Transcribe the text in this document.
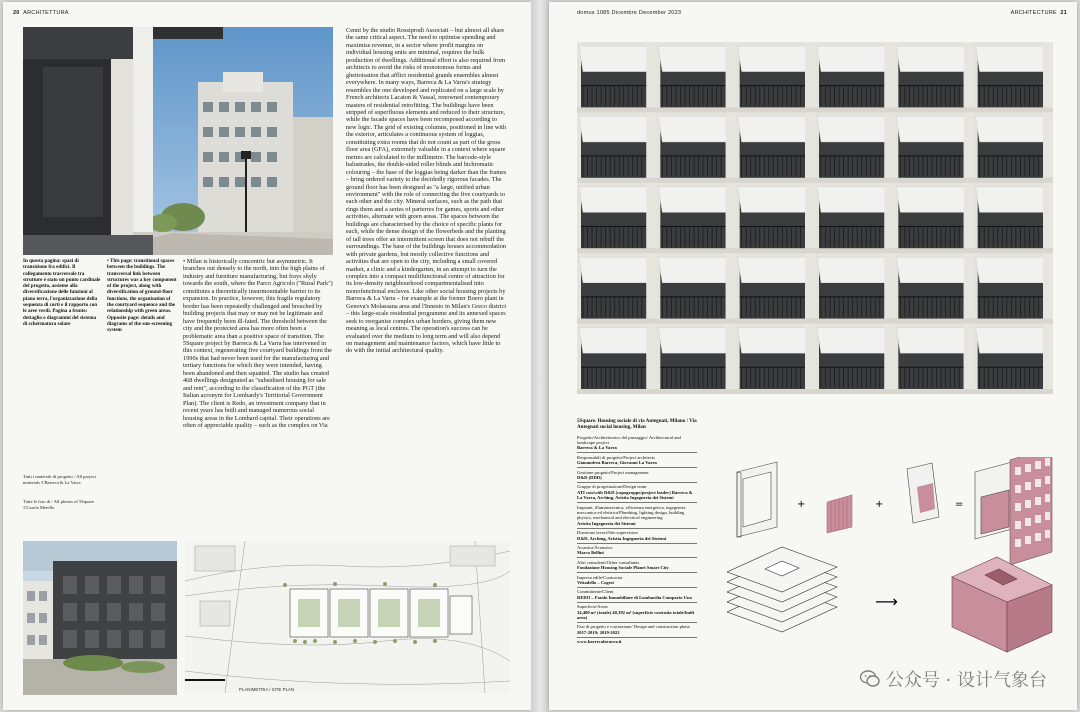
20 ARCHITETTURA
In questa pagina: spazi di transizione fra edifici. Il collegamento trasversale tra strutture è stato un punto cardinale del progetto, assieme alla diversificazione delle funzioni al piano terra, l'organizzazione della sequenza di corti e il rapporto con le aree verdi. Pagina a fronte: dettaglio e diagrammi del sistema di schermatura solare
• This page: transitional spaces between the buildings. The transversal link between structures was a key component of the project, along with diversification of ground-floor functions, the organisation of the courtyard sequence and the relationship with green areas. Opposite page: details and diagrams of the sun-screening system

• Milan is historically concentric but asymmetric. It branches out densely to the north, into the high plains of industry and furniture manufacturing, but frays shyly towards the south, where the Parco Agricolo ("Rural Park") constitutes a theoretically insurmountable barrier to its expansion. In practice, however, this fragile regulatory border has been repeatedly challenged and breached by building projects that may or may not be legitimate and have frequently been ill-fated. The threshold between the city and the protected area has more often been a problematic area than a positive space of transition. The 5Square project by Barreca & La Varra has intervened in this context, regenerating five courtyard buildings from the 1990s that had never been used for the manufacturing and tertiary functions for which they were intended, having been abandoned and then squatted. The studio has created 468 dwellings designated as "subsidised housing for sale and rent", according to the classification of the PGT (the Italian acronym for Lombardy's Territorial Government Plan). The client is Redo, an investment company that in recent years has built and managed numerous social housing areas in the Lombard capital. Their operations are often of appreciable quality – such as the complex on Via

Cenni by the studio Rossiprodi Associati – but almost all share the same critical aspect. The need to optimise spending and maximise revenue, in a sector where profit margins on individual housing units are minimal, requires the bulk production of dwellings. Additional effort is also required from architects to avoid the risks of monotonous forms and ghettoisation that afflict residential grands ensembles almost everywhere. In many ways, Barreca & La Varra's strategy resembles the one developed and replicated on a large scale by French architects Lacaton & Vassal, renowned contemporary masters of residential retrofitting. The buildings have been stripped of superfluous elements and reduced to their structure, while the facade spaces have been recomposed according to new logic. The grid of existing columns, positioned in line with the exterior, articulates a continuous system of loggias, constituting extra rooms that do not count as part of the gross floor area (GFA), extremely valuable in a context where square metres are calculated to the millimetre. The barcode-style balustrades, the double-sided roller blinds and bichromatic colouring – the base of the loggias being darker than the frames – bring ordered variety to the decidedly rigorous facades. The ground floor has been designed as "a large, unified urban environment" with the role of connecting the five courtyards to each other and the city. Mineral surfaces, such as the path that rings them and a series of parterres for games, sports and other activities, alternate with green areas. The spaces between the buildings are characterised by the choice of specific plants for each, while the dense design of the flowerbeds and the planting of tall trees offer an intermittent screen that does not rebuff the surroundings. The base of the buildings houses accommodation with private gardens, but mostly collective functions and activities that are open to the city, including a small covered market, a clinic and a kindergarten, in an attempt to turn the complex into a compact multifunctional centre of attraction for its low-density neighbourhood compartmentalised into monofunctional enclaves. Like other social housing projects by Barreca & La Varra – for example at the former Boero plant in Genova's Molassana area and l'Innesto in Milan's Greco district – this large-scale residential programme and its annexed spaces seek to reorganise complex urban borders, giving them new meaning as local centres. The operation's success can be evaluated over the medium to long term and will also depend on management and maintenance factors, which have little to do with the initial architectural quality.

Tutti i materiali di progetto / All project materials ©Barreca & La Varra
Tutte le foto di / All photos of 5Square ©Carola Merello
PLANIMETRIA / SITE PLAN
domus 1085 Dicembre December 2023	ARCHITECTURE 21
5Square. Housing sociale di via Antegnati, Milano / Via Antegnati social housing, Milan
Progetto/Architettonico del paesaggio/ Architectural and landscape project
Barreca & La Varra
Responsabili di progetto/Project architects
Gianandrea Barreca, Giovanni La Varra
Gestione progetto/Project management
D&D (DDD)
Gruppo di progettazione/Design team
ATI con/with D&D (capogruppo/project leader) Barreca & La Varra, Arching, Aristta Ingegneria dei Sistemi
Impianti, illuminotecnica, efficienza energetica, ingegneria meccanica ed elettrica/Plumbing, lighting design, building physics, mechanical and electrical engineering
Aristta Ingegneria dei Sistemi
Direzione lavori/Site supervision
D&D, Arching, Aristta Ingegneria dei Sistemi
Acustica/Acoustics
Marco Bellini
Altri consulenti/Other consultants
Fondazione Housing Sociale Planet Smart City
Impresa edile/Contractor
Vittadello – Cogesi
Committente/Client
REDO – Fondo Immobiliare di Lombardia Comparto Uno
Superficie/Areas
34,400 m² (totale) 40,392 m² (superficie costruita totale/built area)
Fasi di progetto e costruzione/ Design and construction phase
2017-2019; 2019-2022
www.barrecalavarra.it
+	+	=
⟶
公众号 · 设计气象台
